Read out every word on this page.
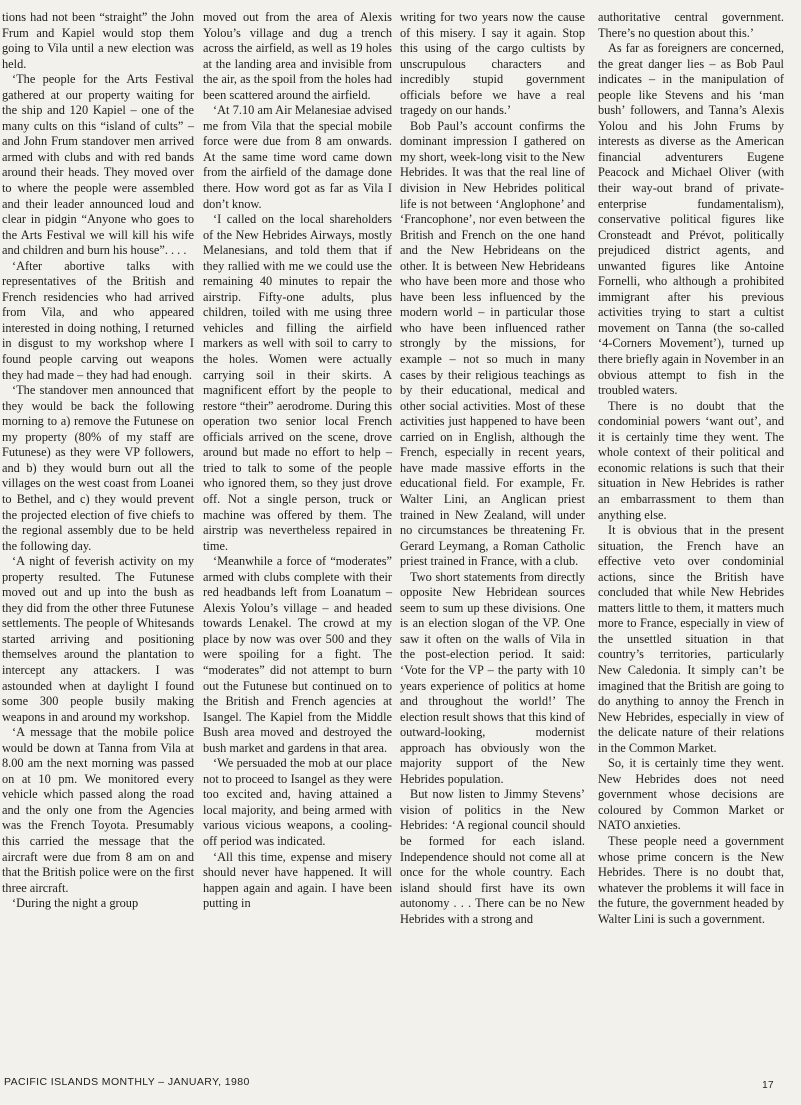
tions had not been “straight” the John Frum and Kapiel would stop them going to Vila until a new election was held.

‘The people for the Arts Festival gathered at our property waiting for the ship and 120 Kapiel – one of the many cults on this “island of cults” – and John Frum standover men arrived armed with clubs and with red bands around their heads. They moved over to where the people were assembled and their leader announced loud and clear in pidgin “Anyone who goes to the Arts Festival we will kill his wife and children and burn his house”. . . .

‘After abortive talks with representatives of the British and French residencies who had arrived from Vila, and who appeared interested in doing nothing, I returned in disgust to my workshop where I found people carving out weapons they had made – they had had enough.

‘The standover men announced that they would be back the following morning to a) remove the Futunese on my property (80% of my staff are Futunese) as they were VP followers, and b) they would burn out all the villages on the west coast from Loanei to Bethel, and c) they would prevent the projected election of five chiefs to the regional assembly due to be held the following day.

‘A night of feverish activity on my property resulted. The Futunese moved out and up into the bush as they did from the other three Futunese settlements. The people of Whitesands started arriving and positioning themselves around the plantation to intercept any attackers. I was astounded when at daylight I found some 300 people busily making weapons in and around my workshop.

‘A message that the mobile police would be down at Tanna from Vila at 8.00 am the next morning was passed on at 10 pm. We monitored every vehicle which passed along the road and the only one from the Agencies was the French Toyota. Presumably this carried the message that the aircraft were due from 8 am on and that the British police were on the first three aircraft.

‘During the night a group

moved out from the area of Alexis Yolou’s village and dug a trench across the airfield, as well as 19 holes at the landing area and invisible from the air, as the spoil from the holes had been scattered around the airfield.

‘At 7.10 am Air Melanesiae advised me from Vila that the special mobile force were due from 8 am onwards. At the same time word came down from the airfield of the damage done there. How word got as far as Vila I don’t know.

‘I called on the local shareholders of the New Hebrides Airways, mostly Melanesians, and told them that if they rallied with me we could use the remaining 40 minutes to repair the airstrip. Fifty-one adults, plus children, toiled with me using three vehicles and filling the airfield markers as well with soil to carry to the holes. Women were actually carrying soil in their skirts. A magnificent effort by the people to restore “their” aerodrome. During this operation two senior local French officials arrived on the scene, drove around but made no effort to help – tried to talk to some of the people who ignored them, so they just drove off. Not a single person, truck or machine was offered by them. The airstrip was nevertheless repaired in time.

‘Meanwhile a force of “moderates” armed with clubs complete with their red headbands left from Loanatum – Alexis Yolou’s village – and headed towards Lenakel. The crowd at my place by now was over 500 and they were spoiling for a fight. The “moderates” did not attempt to burn out the Futunese but continued on to the British and French agencies at Isangel. The Kapiel from the Middle Bush area moved and destroyed the bush market and gardens in that area.

‘We persuaded the mob at our place not to proceed to Isangel as they were too excited and, having attained a local majority, and being armed with various vicious weapons, a cooling-off period was indicated.

‘All this time, expense and misery should never have happened. It will happen again and again. I have been putting in

writing for two years now the cause of this misery. I say it again. Stop this using of the cargo cultists by unscrupulous characters and incredibly stupid government officials before we have a real tragedy on our hands.’

Bob Paul’s account confirms the dominant impression I gathered on my short, week-long visit to the New Hebrides. It was that the real line of division in New Hebrides political life is not between ‘Anglophone’ and ‘Francophone’, nor even between the British and French on the one hand and the New Hebrideans on the other. It is between New Hebrideans who have been more and those who have been less influenced by the modern world – in particular those who have been influenced rather strongly by the missions, for example – not so much in many cases by their religious teachings as by their educational, medical and other social activities. Most of these activities just happened to have been carried on in English, although the French, especially in recent years, have made massive efforts in the educational field. For example, Fr. Walter Lini, an Anglican priest trained in New Zealand, will under no circumstances be threatening Fr. Gerard Leymang, a Roman Catholic priest trained in France, with a club.

Two short statements from directly opposite New Hebridean sources seem to sum up these divisions. One is an election slogan of the VP. One saw it often on the walls of Vila in the post-election period. It said: ‘Vote for the VP – the party with 10 years experience of politics at home and throughout the world!’ The election result shows that this kind of outward-looking, modernist approach has obviously won the majority support of the New Hebrides population.

But now listen to Jimmy Stevens’ vision of politics in the New Hebrides: ‘A regional council should be formed for each island. Independence should not come all at once for the whole country. Each island should first have its own autonomy . . . There can be no New Hebrides with a strong and

authoritative central government. There’s no question about this.’

As far as foreigners are concerned, the great danger lies – as Bob Paul indicates – in the manipulation of people like Stevens and his ‘man bush’ followers, and Tanna’s Alexis Yolou and his John Frums by interests as diverse as the American financial adventurers Eugene Peacock and Michael Oliver (with their way-out brand of private-enterprise fundamentalism), conservative political figures like Cronsteadt and Prévot, politically prejudiced district agents, and unwanted figures like Antoine Fornelli, who although a prohibited immigrant after his previous activities trying to start a cultist movement on Tanna (the so-called ‘4-Corners Movement’), turned up there briefly again in November in an obvious attempt to fish in the troubled waters.

There is no doubt that the condominial powers ‘want out’, and it is certainly time they went. The whole context of their political and economic relations is such that their situation in New Hebrides is rather an embarrassment to them than anything else.

It is obvious that in the present situation, the French have an effective veto over condominial actions, since the British have concluded that while New Hebrides matters little to them, it matters much more to France, especially in view of the unsettled situation in that country’s territories, particularly New Caledonia. It simply can’t be imagined that the British are going to do anything to annoy the French in New Hebrides, especially in view of the delicate nature of their relations in the Common Market.

So, it is certainly time they went. New Hebrides does not need government whose decisions are coloured by Common Market or NATO anxieties.

These people need a government whose prime concern is the New Hebrides. There is no doubt that, whatever the problems it will face in the future, the government headed by Walter Lini is such a government.

PACIFIC ISLANDS MONTHLY – JANUARY, 1980	17
